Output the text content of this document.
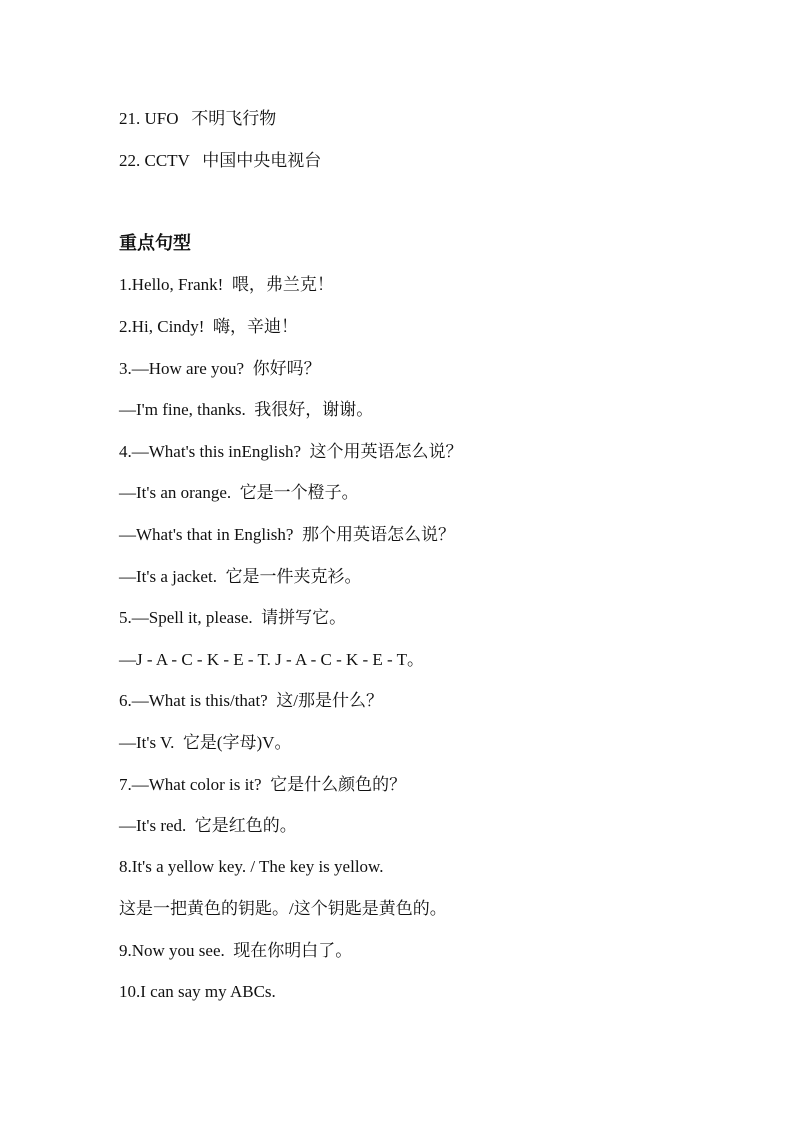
21. UFO   不明飞行物
22. CCTV   中国中央电视台
重点句型
1.Hello, Frank!  喂，弗兰克！
2.Hi, Cindy!  嗨，辛迪！
3.—How are you?  你好吗？
—I'm fine, thanks.  我很好，谢谢。
4.—What's this inEnglish?  这个用英语怎么说？
—It's an orange.  它是一个橙子。
—What's that in English?  那个用英语怎么说？
—It's a jacket.  它是一件夹克衫。
5.—Spell it, please.  请拼写它。
—J - A - C - K - E - T. J - A - C - K - E - T。
6.—What is this/that?  这/那是什么？
—It's V.  它是(字母)V。
7.—What color is it?  它是什么颜色的？
—It's red.  它是红色的。
8.It's a yellow key. / The key is yellow.
这是一把黄色的钥匙。/这个钥匙是黄色的。
9.Now you see.  现在你明白了。
10.I can say my ABCs.
